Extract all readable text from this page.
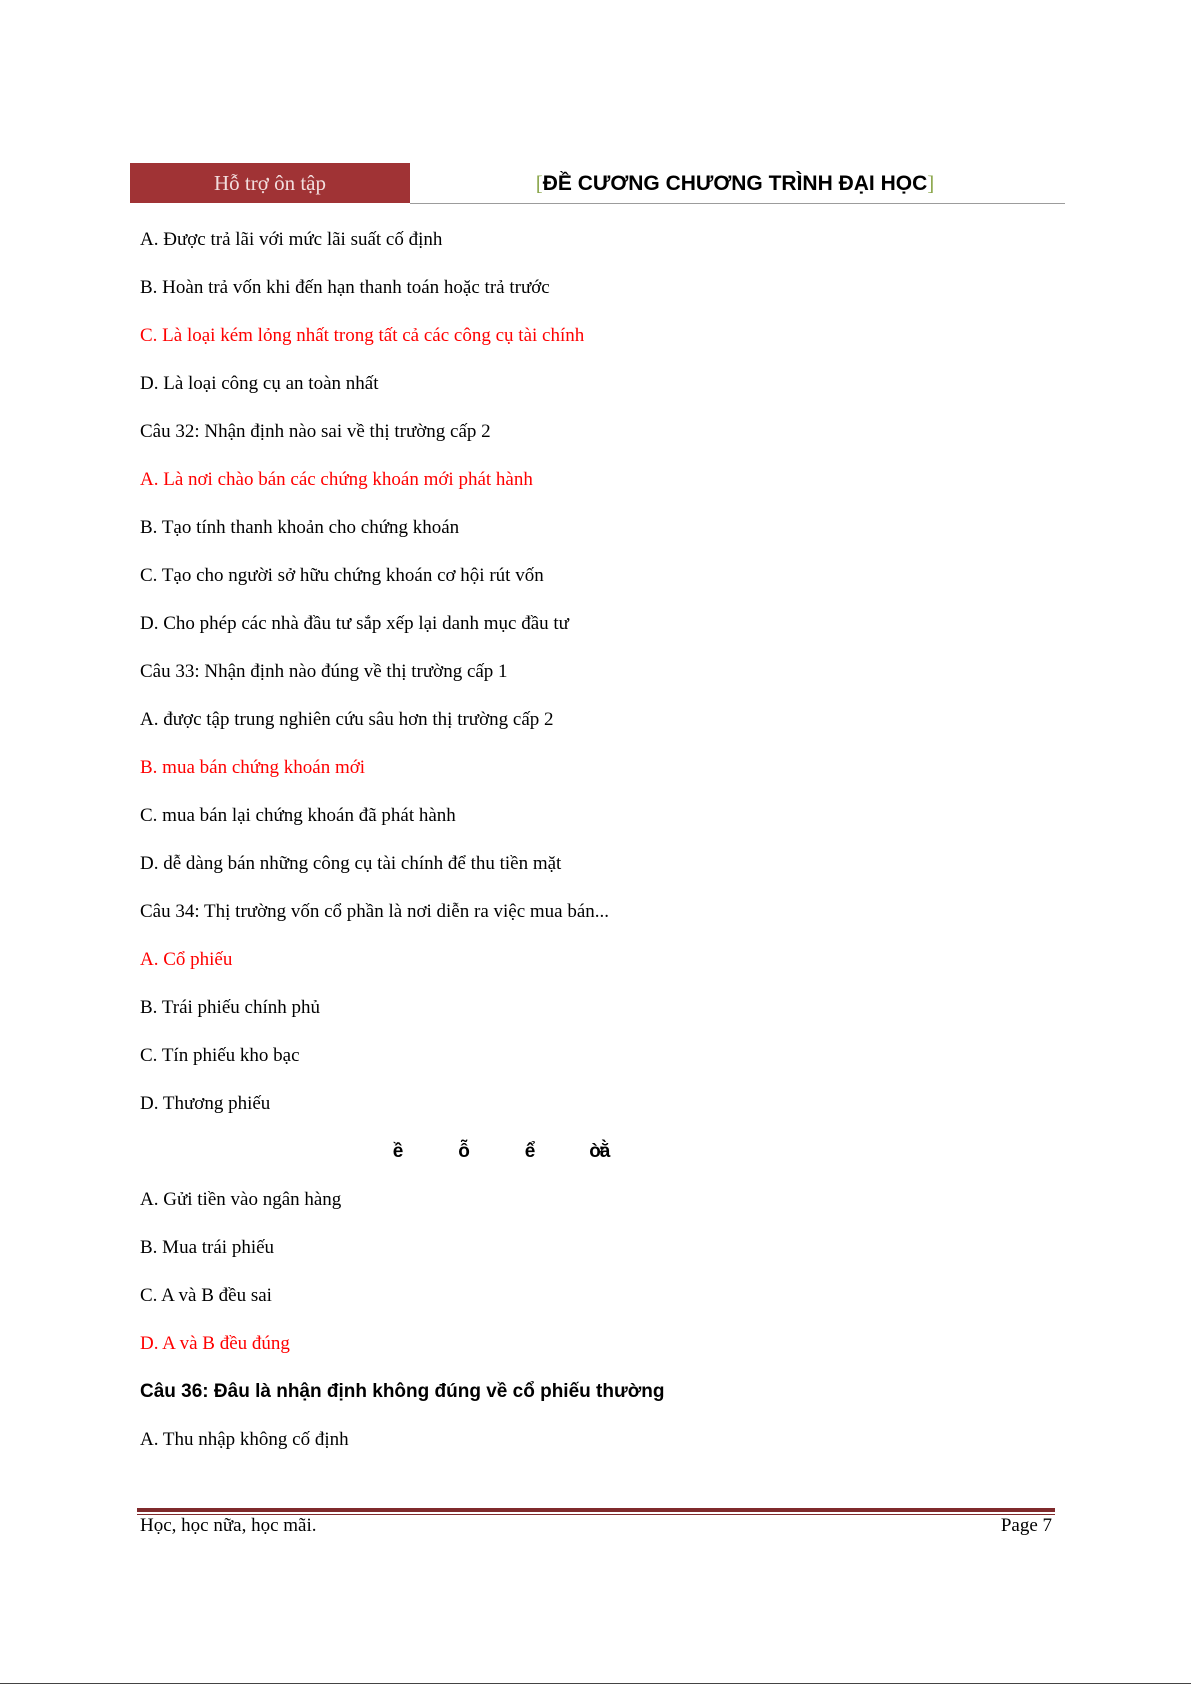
Hỗ trợ ôn tập	[ĐỀ CƯƠNG CHƯƠNG TRÌNH ĐẠI HỌC]
A. Được trả lãi với mức lãi suất cố định
B. Hoàn trả vốn khi đến hạn thanh toán hoặc trả trước
C. Là loại kém lỏng nhất trong tất cả các công cụ tài chính
D. Là loại công cụ an toàn nhất
Câu 32: Nhận định nào sai về thị trường cấp 2
A. Là nơi chào bán các chứng khoán mới phát hành
B. Tạo tính thanh khoản cho chứng khoán
C. Tạo cho người sở hữu chứng khoán cơ hội rút vốn
D. Cho phép các nhà đầu tư sắp xếp lại danh mục đầu tư
Câu 33: Nhận định nào đúng về thị trường cấp 1
A. được tập trung nghiên cứu sâu hơn thị trường cấp 2
B. mua bán chứng khoán mới
C. mua bán lại chứng khoán đã phát hành
D. dễ dàng bán những công cụ tài chính để thu tiền mặt
Câu 34: Thị trường vốn cổ phần là nơi diễn ra việc mua bán...
A. Cổ phiếu
B. Trái phiếu chính phủ
C. Tín phiếu kho bạc
D. Thương phiếu
ề	ỗ	ể	ờằ
A. Gửi tiền vào ngân hàng
B. Mua trái phiếu
C. A và B đều sai
D. A và B đều đúng
Câu 36: Đâu là nhận định không đúng về cổ phiếu thường
A. Thu nhập không cố định
Học, học nữa, học mãi.	Page 7
